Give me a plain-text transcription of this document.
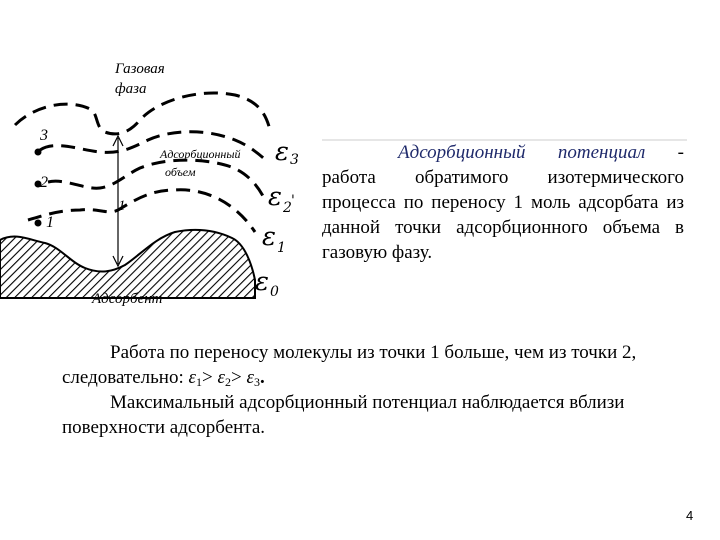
Газовая фаза
3
2
1
1
Адсорбционный объем
Адсорбент
ε 3
ε 2 '
ε 1
ε 0

Адсорбционный потенциал - работа обратимого изотермического процесса по переносу 1 моль адсорбата из данной точки адсорбционного объема в газовую фазу.

Работа по переносу молекулы из точки 1 больше, чем из точки 2, следовательно: $\varepsilon_1> \varepsilon_2> \varepsilon_3$.

Максимальный адсорбционный потенциал наблюдается вблизи поверхности адсорбента.

4
